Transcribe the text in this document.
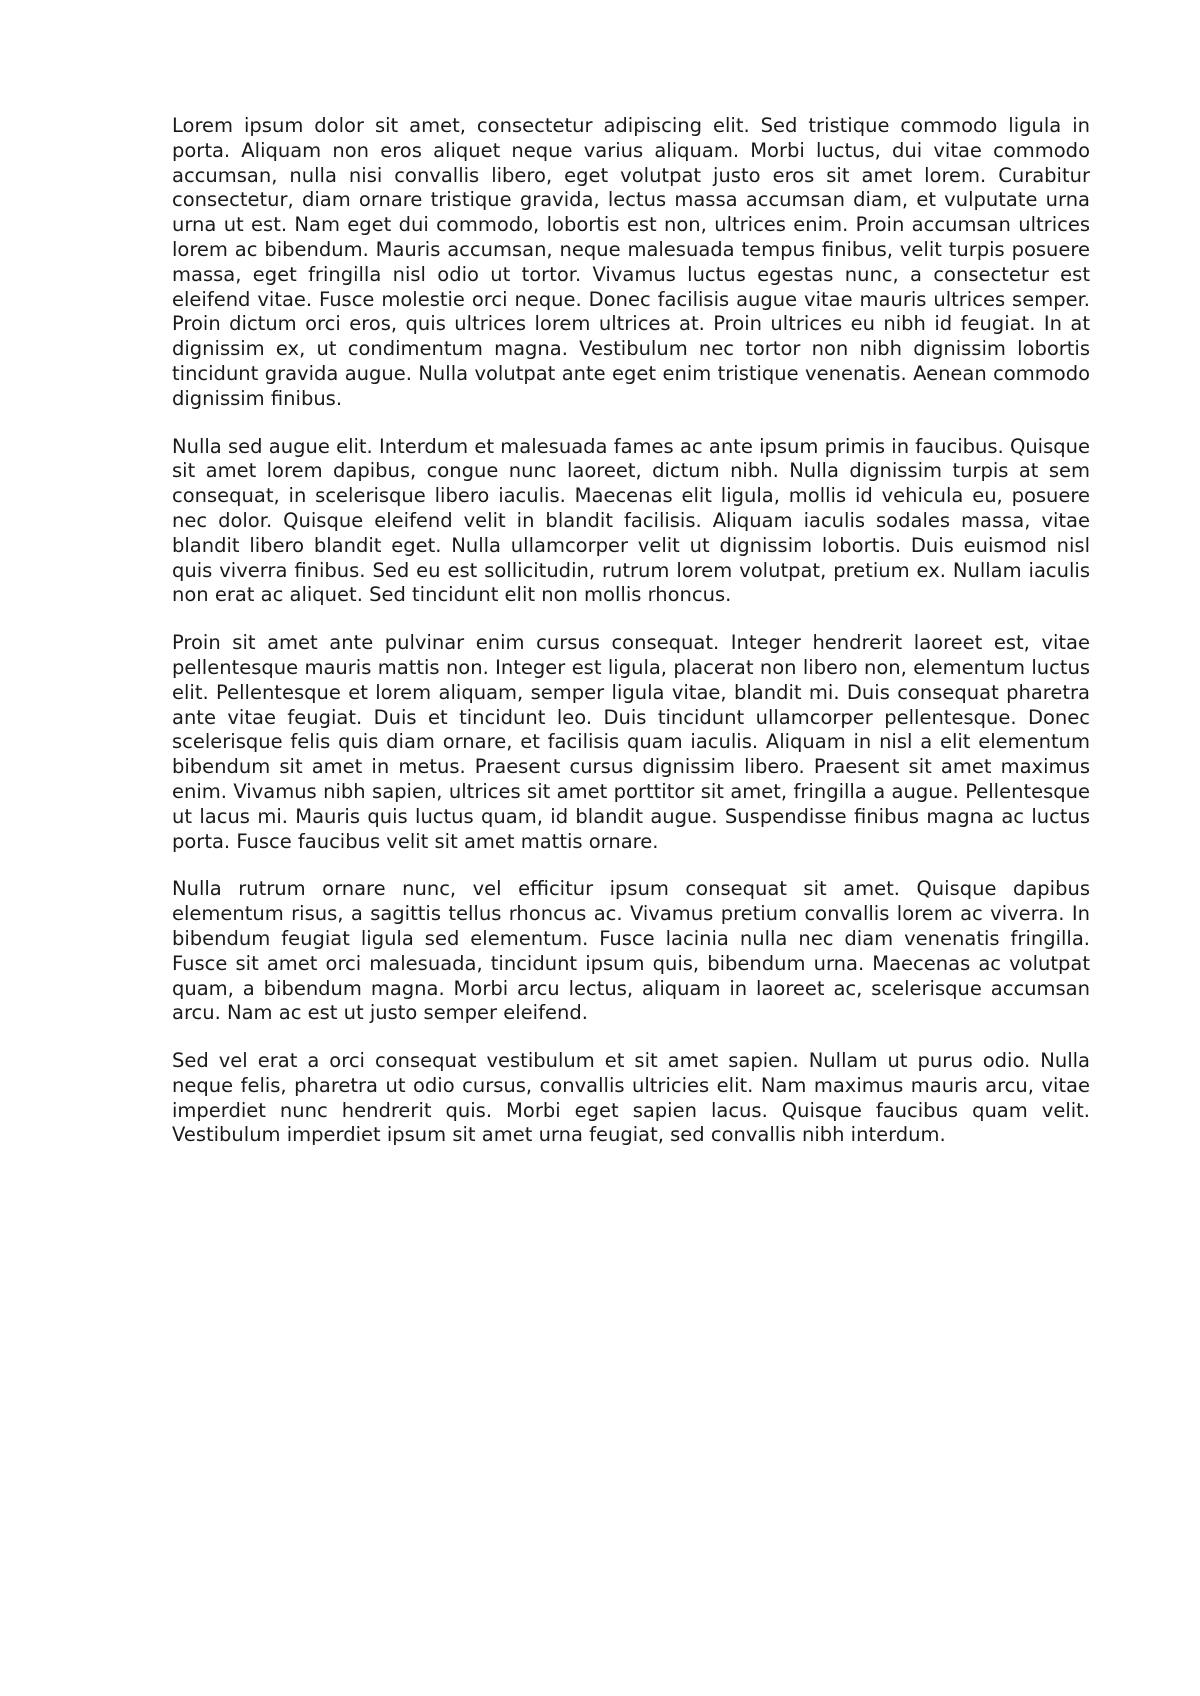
Lorem ipsum dolor sit amet, consectetur adipiscing elit. Sed tristique commodo ligula in porta. Aliquam non eros aliquet neque varius aliquam. Morbi luctus, dui vitae commodo accumsan, nulla nisi convallis libero, eget volutpat justo eros sit amet lorem. Curabitur consectetur, diam ornare tristique gravida, lectus massa accumsan diam, et vulputate urna urna ut est. Nam eget dui commodo, lobortis est non, ultrices enim. Proin accumsan ultrices lorem ac bibendum. Mauris accumsan, neque malesuada tempus finibus, velit turpis posuere massa, eget fringilla nisl odio ut tortor. Vivamus luctus egestas nunc, a consectetur est eleifend vitae. Fusce molestie orci neque. Donec facilisis augue vitae mauris ultrices semper. Proin dictum orci eros, quis ultrices lorem ultrices at. Proin ultrices eu nibh id feugiat. In at dignissim ex, ut condimentum magna. Vestibulum nec tortor non nibh dignissim lobortis tincidunt gravida augue. Nulla volutpat ante eget enim tristique venenatis. Aenean commodo dignissim finibus.

Nulla sed augue elit. Interdum et malesuada fames ac ante ipsum primis in faucibus. Quisque sit amet lorem dapibus, congue nunc laoreet, dictum nibh. Nulla dignissim turpis at sem consequat, in scelerisque libero iaculis. Maecenas elit ligula, mollis id vehicula eu, posuere nec dolor. Quisque eleifend velit in blandit facilisis. Aliquam iaculis sodales massa, vitae blandit libero blandit eget. Nulla ullamcorper velit ut dignissim lobortis. Duis euismod nisl quis viverra finibus. Sed eu est sollicitudin, rutrum lorem volutpat, pretium ex. Nullam iaculis non erat ac aliquet. Sed tincidunt elit non mollis rhoncus.

Proin sit amet ante pulvinar enim cursus consequat. Integer hendrerit laoreet est, vitae pellentesque mauris mattis non. Integer est ligula, placerat non libero non, elementum luctus elit. Pellentesque et lorem aliquam, semper ligula vitae, blandit mi. Duis consequat pharetra ante vitae feugiat. Duis et tincidunt leo. Duis tincidunt ullamcorper pellentesque. Donec scelerisque felis quis diam ornare, et facilisis quam iaculis. Aliquam in nisl a elit elementum bibendum sit amet in metus. Praesent cursus dignissim libero. Praesent sit amet maximus enim. Vivamus nibh sapien, ultrices sit amet porttitor sit amet, fringilla a augue. Pellentesque ut lacus mi. Mauris quis luctus quam, id blandit augue. Suspendisse finibus magna ac luctus porta. Fusce faucibus velit sit amet mattis ornare.

Nulla rutrum ornare nunc, vel efficitur ipsum consequat sit amet. Quisque dapibus elementum risus, a sagittis tellus rhoncus ac. Vivamus pretium convallis lorem ac viverra. In bibendum feugiat ligula sed elementum. Fusce lacinia nulla nec diam venenatis fringilla. Fusce sit amet orci malesuada, tincidunt ipsum quis, bibendum urna. Maecenas ac volutpat quam, a bibendum magna. Morbi arcu lectus, aliquam in laoreet ac, scelerisque accumsan arcu. Nam ac est ut justo semper eleifend.

Sed vel erat a orci consequat vestibulum et sit amet sapien. Nullam ut purus odio. Nulla neque felis, pharetra ut odio cursus, convallis ultricies elit. Nam maximus mauris arcu, vitae imperdiet nunc hendrerit quis. Morbi eget sapien lacus. Quisque faucibus quam velit. Vestibulum imperdiet ipsum sit amet urna feugiat, sed convallis nibh interdum.
